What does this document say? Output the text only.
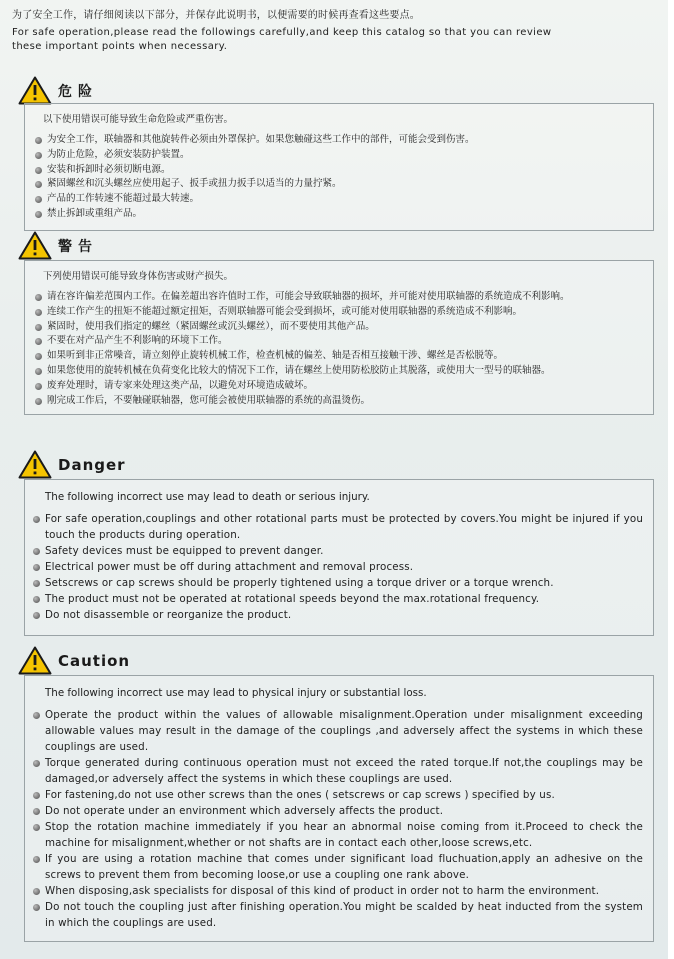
为了安全工作，请仔细阅读以下部分，并保存此说明书，以便需要的时候再查看这些要点。
For safe operation,please read the followings carefully,and keep this catalog so that you can review
these important points when necessary.
危险
以下使用错误可能导致生命危险或严重伤害。
为安全工作，联轴器和其他旋转件必须由外罩保护。如果您触碰这些工作中的部件，可能会受到伤害。
为防止危险，必须安装防护装置。
安装和拆卸时必须切断电源。
紧固螺丝和沉头螺丝应使用起子、扳手或扭力扳手以适当的力量拧紧。
产品的工作转速不能超过最大转速。
禁止拆卸或重组产品。
警告
下列使用错误可能导致身体伤害或财产损失。
请在容许偏差范围内工作。在偏差超出容许值时工作，可能会导致联轴器的损坏，并可能对使用联轴器的系统造成不利影响。
连续工作产生的扭矩不能超过额定扭矩，否则联轴器可能会受到损坏，或可能对使用联轴器的系统造成不利影响。
紧固时，使用我们指定的螺丝（紧固螺丝或沉头螺丝），而不要使用其他产品。
不要在对产品产生不利影响的环境下工作。
如果听到非正常噪音，请立刻停止旋转机械工作，检查机械的偏差、轴是否相互接触干涉、螺丝是否松脱等。
如果您使用的旋转机械在负荷变化比较大的情况下工作，请在螺丝上使用防松胶防止其脱落，或使用大一型号的联轴器。
废弃处理时，请专家来处理这类产品，以避免对环境造成破坏。
刚完成工作后，不要触碰联轴器，您可能会被使用联轴器的系统的高温烫伤。
Danger
The following incorrect use may lead to death or serious injury.
For safe operation,couplings and other rotational parts must be protected by covers.You might be injured if you touch the products during operation.
Safety devices must be equipped to prevent danger.
Electrical power must be off during attachment and removal process.
Setscrews or cap screws should be properly tightened using a torque driver or a torque wrench.
The product must not be operated at rotational speeds beyond the max.rotational frequency.
Do not disassemble or reorganize the product.
Caution
The following incorrect use may lead to physical injury or substantial loss.
Operate the product within the values of allowable misalignment.Operation under misalignment exceeding allowable values may result in the damage of the couplings ,and adversely affect the systems in which these couplings are used.
Torque generated during continuous operation must not exceed the rated torque.If not,the couplings may be damaged,or adversely affect the systems in which these couplings are used.
For fastening,do not use other screws than the ones ( setscrews or cap screws ) specified by us.
Do not operate under an environment which adversely affects the product.
Stop the rotation machine immediately if you hear an abnormal noise coming from it.Proceed to check the machine for misalignment,whether or not shafts are in contact each other,loose screws,etc.
If you are using a rotation machine that comes under significant load fluchuation,apply an adhesive on the screws to prevent them from becoming loose,or use a coupling one rank above.
When disposing,ask specialists for disposal of this kind of product in order not to harm the environment.
Do not touch the coupling just after finishing operation.You might be scalded by heat inducted from the system in which the couplings are used.
